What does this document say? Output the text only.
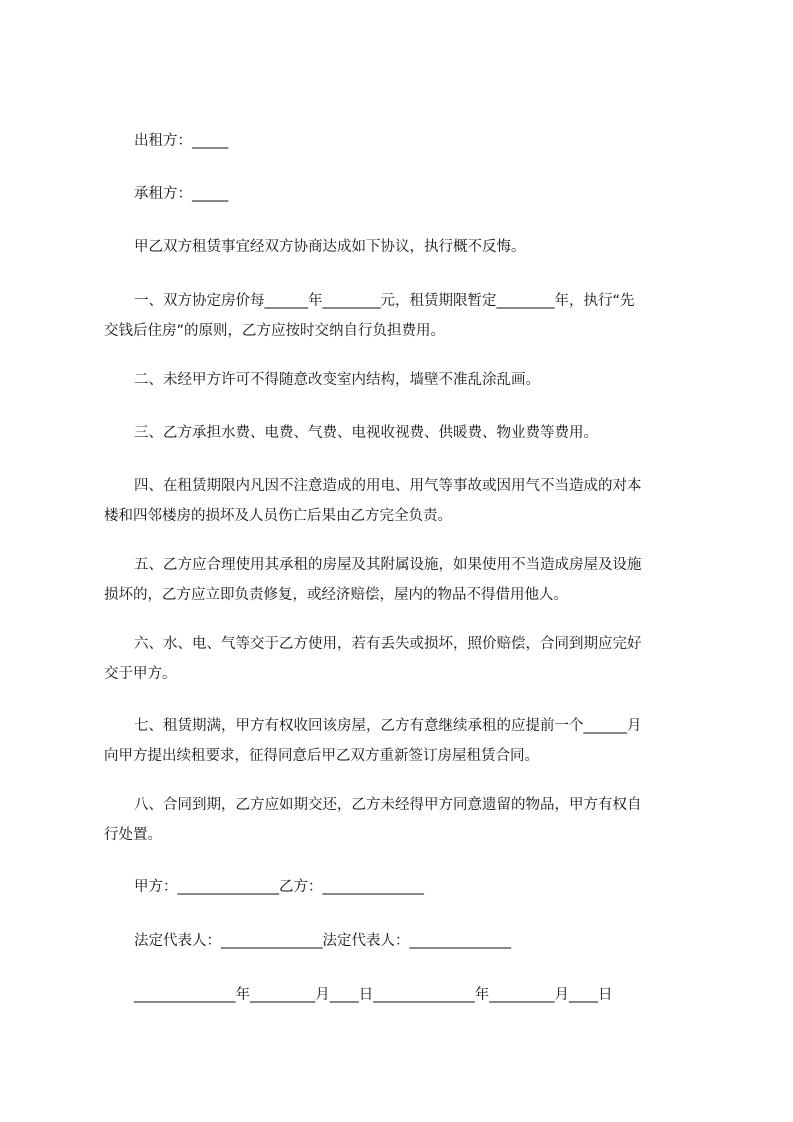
出租方：_____
承租方：_____
甲乙双方租赁事宜经双方协商达成如下协议，执行概不反悔。
一、双方协定房价每______年________元，租赁期限暂定________年，执行“先
交钱后住房”的原则，乙方应按时交纳自行负担费用。
二、未经甲方许可不得随意改变室内结构，墙壁不准乱涂乱画。
三、乙方承担水费、电费、气费、电视收视费、供暖费、物业费等费用。
四、在租赁期限内凡因不注意造成的用电、用气等事故或因用气不当造成的对本
楼和四邻楼房的损坏及人员伤亡后果由乙方完全负责。
五、乙方应合理使用其承租的房屋及其附属设施，如果使用不当造成房屋及设施
损坏的，乙方应立即负责修复，或经济赔偿，屋内的物品不得借用他人。
六、水、电、气等交于乙方使用，若有丢失或损坏，照价赔偿，合同到期应完好
交于甲方。
七、租赁期满，甲方有权收回该房屋，乙方有意继续承租的应提前一个______月
向甲方提出续租要求，征得同意后甲乙双方重新签订房屋租赁合同。
八、合同到期，乙方应如期交还，乙方未经得甲方同意遗留的物品，甲方有权自
行处置。
甲方：______________乙方：______________
法定代表人：______________法定代表人：______________
______________年_________月____日______________年_________月____日
